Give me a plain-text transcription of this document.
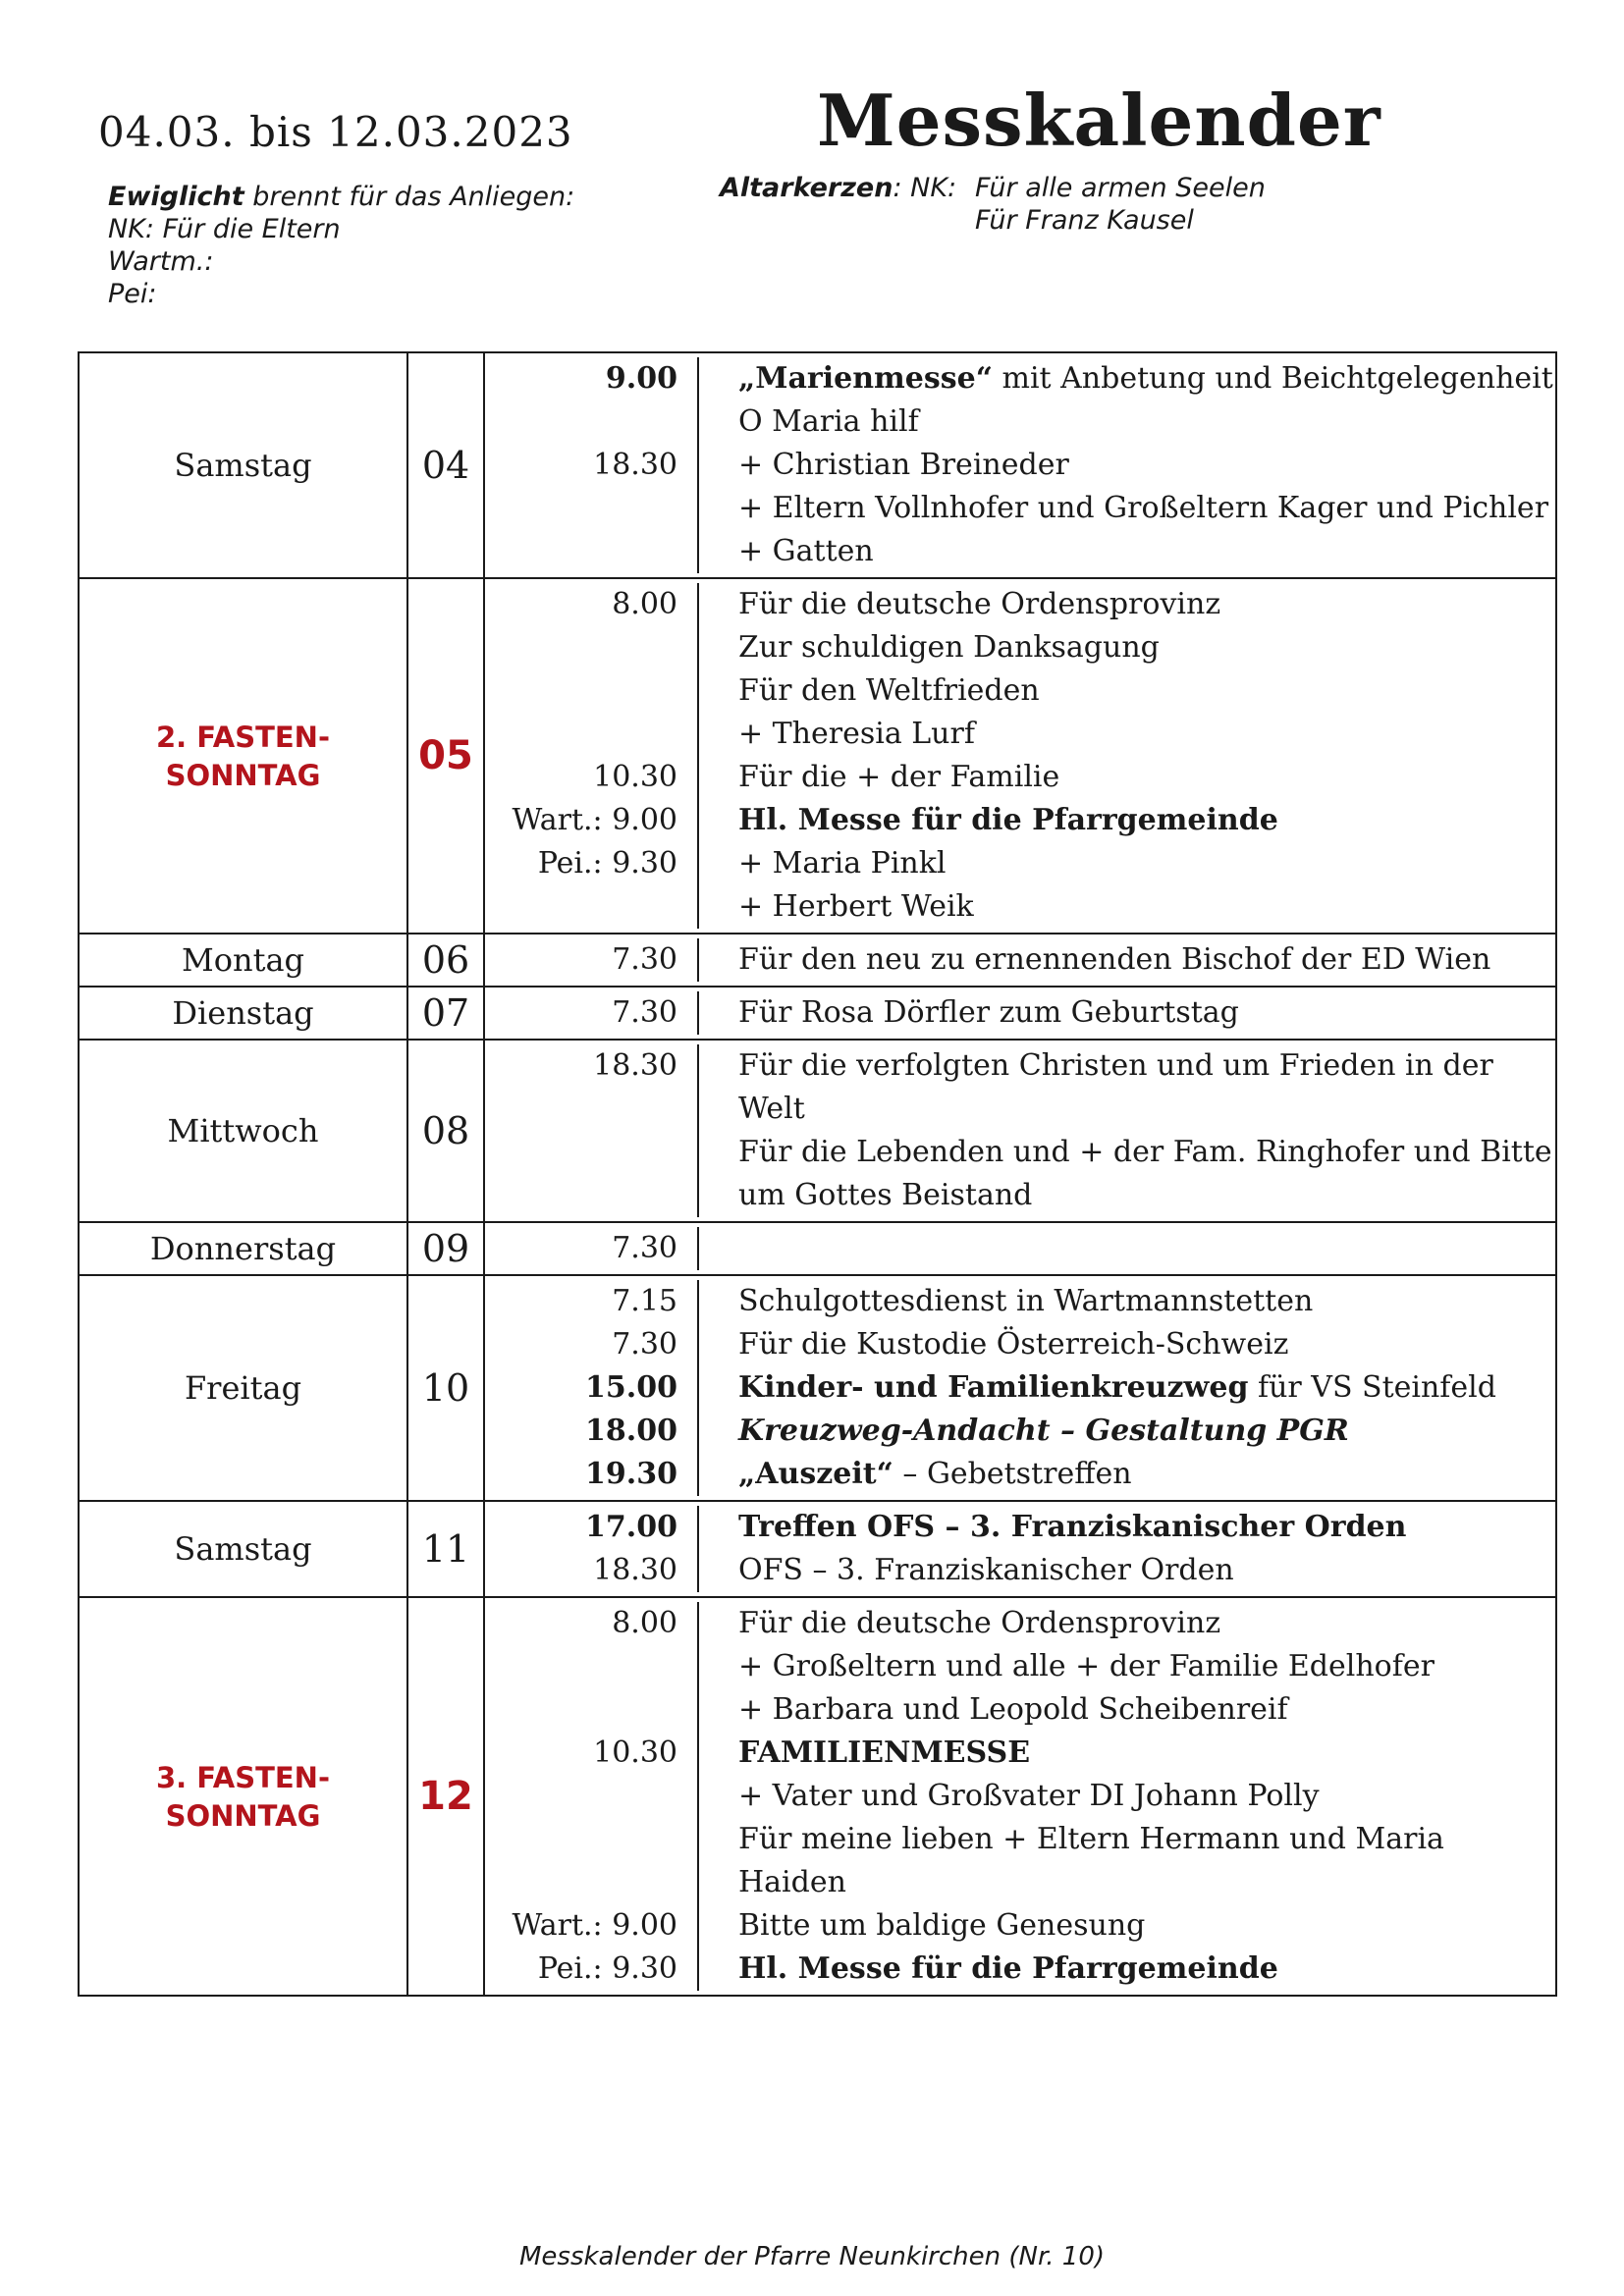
04.03. bis 12.03.2023	Messkalender
Ewiglicht brennt für das Anliegen:
NK: Für die Eltern
Wartm.:
Pei:
Altarkerzen: NK: Für alle armen Seelen
Für Franz Kausel
Samstag	04	
9.00	„Marienmesse“ mit Anbetung und Beichtgelegenheit
O Maria hilf

18.30	+ Christian Breineder
+ Eltern Vollnhofer und Großeltern Kager und Pichler
+ Gatten

2. FASTEN-
SONNTAG	05	
8.00	Für die deutsche Ordensprovinz
Zur schuldigen Danksagung
Für den Weltfrieden
+ Theresia Lurf

10.30	Für die + der Familie

Wart.: 9.00	Hl. Messe für die Pfarrgemeinde

Pei.: 9.30	+ Maria Pinkl
+ Herbert Weik

Montag	06		7.30	Für den neu zu ernennenden Bischof der ED Wien

Dienstag	07		7.30	Für Rosa Dörfler zum Geburtstag

Mittwoch	08	
18.30	Für die verfolgten Christen und um Frieden in der Welt
Für die Lebenden und + der Fam. Ringhofer und Bitte um Gottes Beistand

Donnerstag	09		7.30	

Freitag	10	
7.15	Schulgottesdienst in Wartmannstetten

7.30	Für die Kustodie Österreich-Schweiz

15.00	Kinder- und Familienkreuzweg für VS Steinfeld

18.00	Kreuzweg-Andacht – Gestaltung PGR

19.30	„Auszeit“ – Gebetstreffen

Samstag	11	
17.00	Treffen OFS – 3. Franziskanischer Orden

18.30	OFS – 3. Franziskanischer Orden

3. FASTEN-
SONNTAG	12	
8.00	Für die deutsche Ordensprovinz
+ Großeltern und alle + der Familie Edelhofer
+ Barbara und Leopold Scheibenreif

10.30	FAMILIENMESSE
+ Vater und Großvater DI Johann Polly
Für meine lieben + Eltern Hermann und Maria Haiden

Wart.: 9.00	Bitte um baldige Genesung

Pei.: 9.30	Hl. Messe für die Pfarrgemeinde
Messkalender der Pfarre Neunkirchen (Nr. 10)
